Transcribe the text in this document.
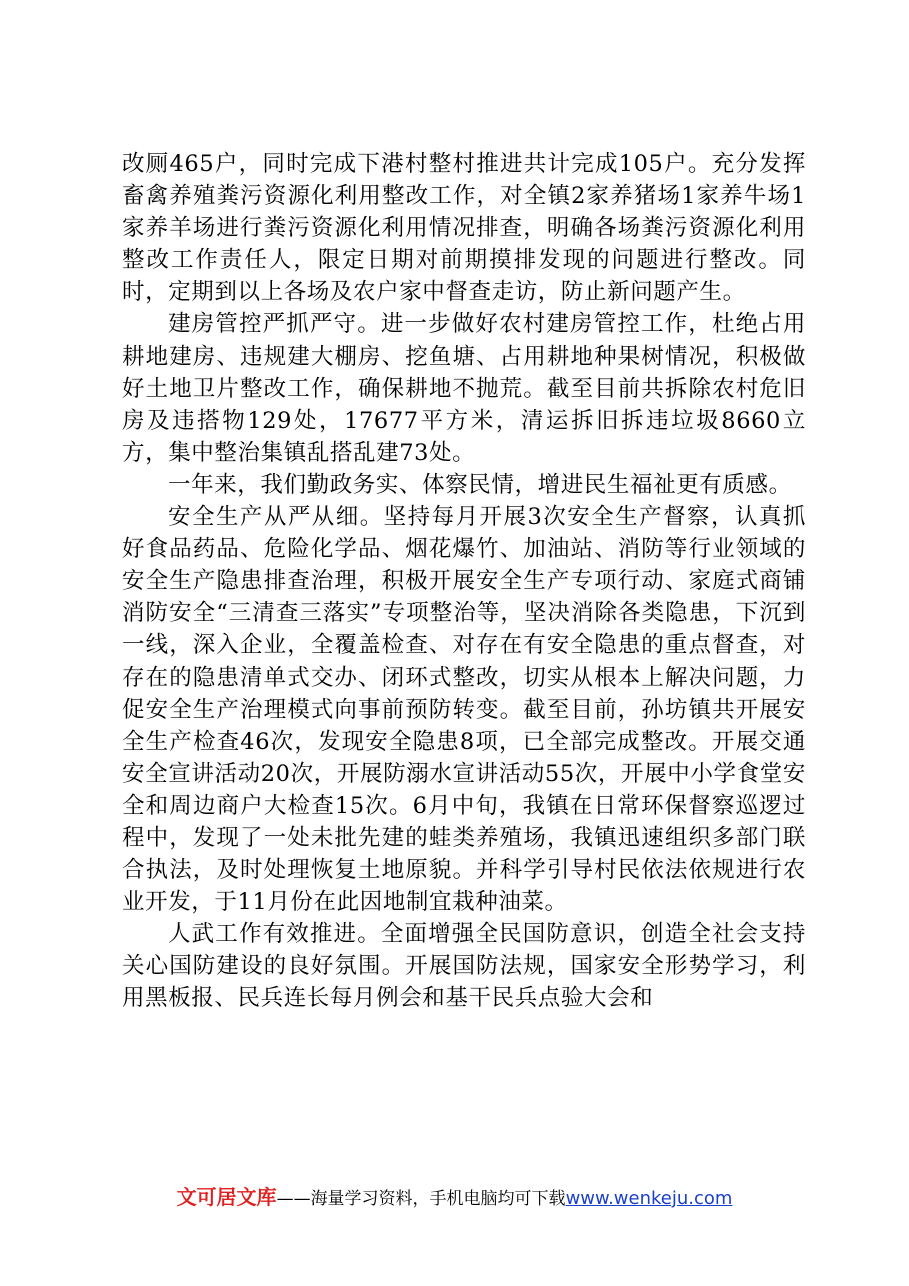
改厕465户，同时完成下港村整村推进共计完成105户。充分发挥畜禽养殖粪污资源化利用整改工作，对全镇2家养猪场1家养牛场1家养羊场进行粪污资源化利用情况排查，明确各场粪污资源化利用整改工作责任人，限定日期对前期摸排发现的问题进行整改。同时，定期到以上各场及农户家中督查走访，防止新问题产生。

建房管控严抓严守。进一步做好农村建房管控工作，杜绝占用耕地建房、违规建大棚房、挖鱼塘、占用耕地种果树情况，积极做好土地卫片整改工作，确保耕地不抛荒。截至目前共拆除农村危旧房及违搭物129处，17677平方米，清运拆旧拆违垃圾8660立方，集中整治集镇乱搭乱建73处。

一年来，我们勤政务实、体察民情，增进民生福祉更有质感。

安全生产从严从细。坚持每月开展3次安全生产督察，认真抓好食品药品、危险化学品、烟花爆竹、加油站、消防等行业领域的安全生产隐患排查治理，积极开展安全生产专项行动、家庭式商铺消防安全“三清查三落实”专项整治等，坚决消除各类隐患，下沉到一线，深入企业，全覆盖检查、对存在有安全隐患的重点督查，对存在的隐患清单式交办、闭环式整改，切实从根本上解决问题，力促安全生产治理模式向事前预防转变。截至目前，孙坊镇共开展安全生产检查46次，发现安全隐患8项，已全部完成整改。开展交通安全宣讲活动20次，开展防溺水宣讲活动55次，开展中小学食堂安全和周边商户大检查15次。6月中旬，我镇在日常环保督察巡逻过程中，发现了一处未批先建的蛙类养殖场，我镇迅速组织多部门联合执法，及时处理恢复土地原貌。并科学引导村民依法依规进行农业开发，于11月份在此因地制宜栽种油菜。

人武工作有效推进。全面增强全民国防意识，创造全社会支持关心国防建设的良好氛围。开展国防法规，国家安全形势学习，利用黑板报、民兵连长每月例会和基干民兵点验大会和

文可居文库——海量学习资料，手机电脑均可下载www.wenkeju.com
